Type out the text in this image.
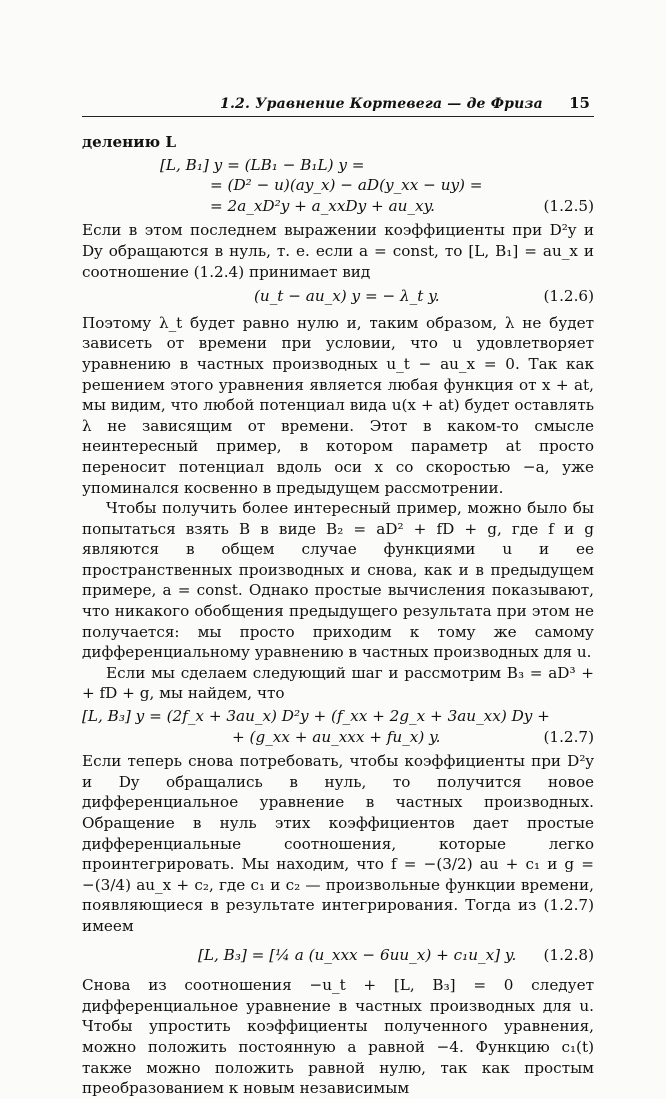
1.2. Уравнение Кортевега — де Фриза 15

делению L

[L, B₁] y = (LB₁ − B₁L) y =
= (D² − u)(ay_x) − aD(y_xx − uy) =
= 2a_xD²y + a_xxDy + au_xy.	(1.2.5)

Если в этом последнем выражении коэффициенты при D²y и Dy обращаются в нуль, т. е. если a = const, то [L, B₁] = au_x и соотношение (1.2.4) принимает вид

(u_t − au_x) y = − λ_t y.	(1.2.6)

Поэтому λ_t будет равно нулю и, таким образом, λ не будет зависеть от времени при условии, что u удовлетворяет уравнению в частных производных u_t − au_x = 0. Так как решением этого уравнения является любая функция от x + at, мы видим, что любой потенциал вида u(x + at) будет оставлять λ не зависящим от времени. Этот в каком-то смысле неинтересный пример, в котором параметр at просто переносит потенциал вдоль оси x со скоростью −a, уже упоминался косвенно в предыдущем рассмотрении.

Чтобы получить более интересный пример, можно было бы попытаться взять B в виде B₂ = aD² + fD + g, где f и g являются в общем случае функциями u и ее пространственных производных и снова, как и в предыдущем примере, a = const. Однако простые вычисления показывают, что никакого обобщения предыдущего результата при этом не получается: мы просто приходим к тому же самому дифференциальному уравнению в частных производных для u.

Если мы сделаем следующий шаг и рассмотрим B₃ = aD³ + + fD + g, мы найдем, что

[L, B₃] y = (2f_x + 3au_x) D²y + (f_xx + 2g_x + 3au_xx) Dy +
+ (g_xx + au_xxx + fu_x) y.	(1.2.7)

Если теперь снова потребовать, чтобы коэффициенты при D²y и Dy обращались в нуль, то получится новое дифференциальное уравнение в частных производных. Обращение в нуль этих коэффициентов дает простые дифференциальные соотношения, которые легко проинтегрировать. Мы находим, что f = −(3/2) au + c₁ и g = −(3/4) au_x + c₂, где c₁ и c₂ — произвольные функции времени, появляющиеся в результате интегрирования. Тогда из (1.2.7) имеем

[L, B₃] = [¼ a (u_xxx − 6uu_x) + c₁u_x] y.	(1.2.8)

Снова из соотношения −u_t + [L, B₃] = 0 следует дифференциальное уравнение в частных производных для u. Чтобы упростить коэффициенты полученного уравнения, можно положить постоянную a равной −4. Функцию c₁(t) также можно положить равной нулю, так как простым преобразованием к новым независимым
